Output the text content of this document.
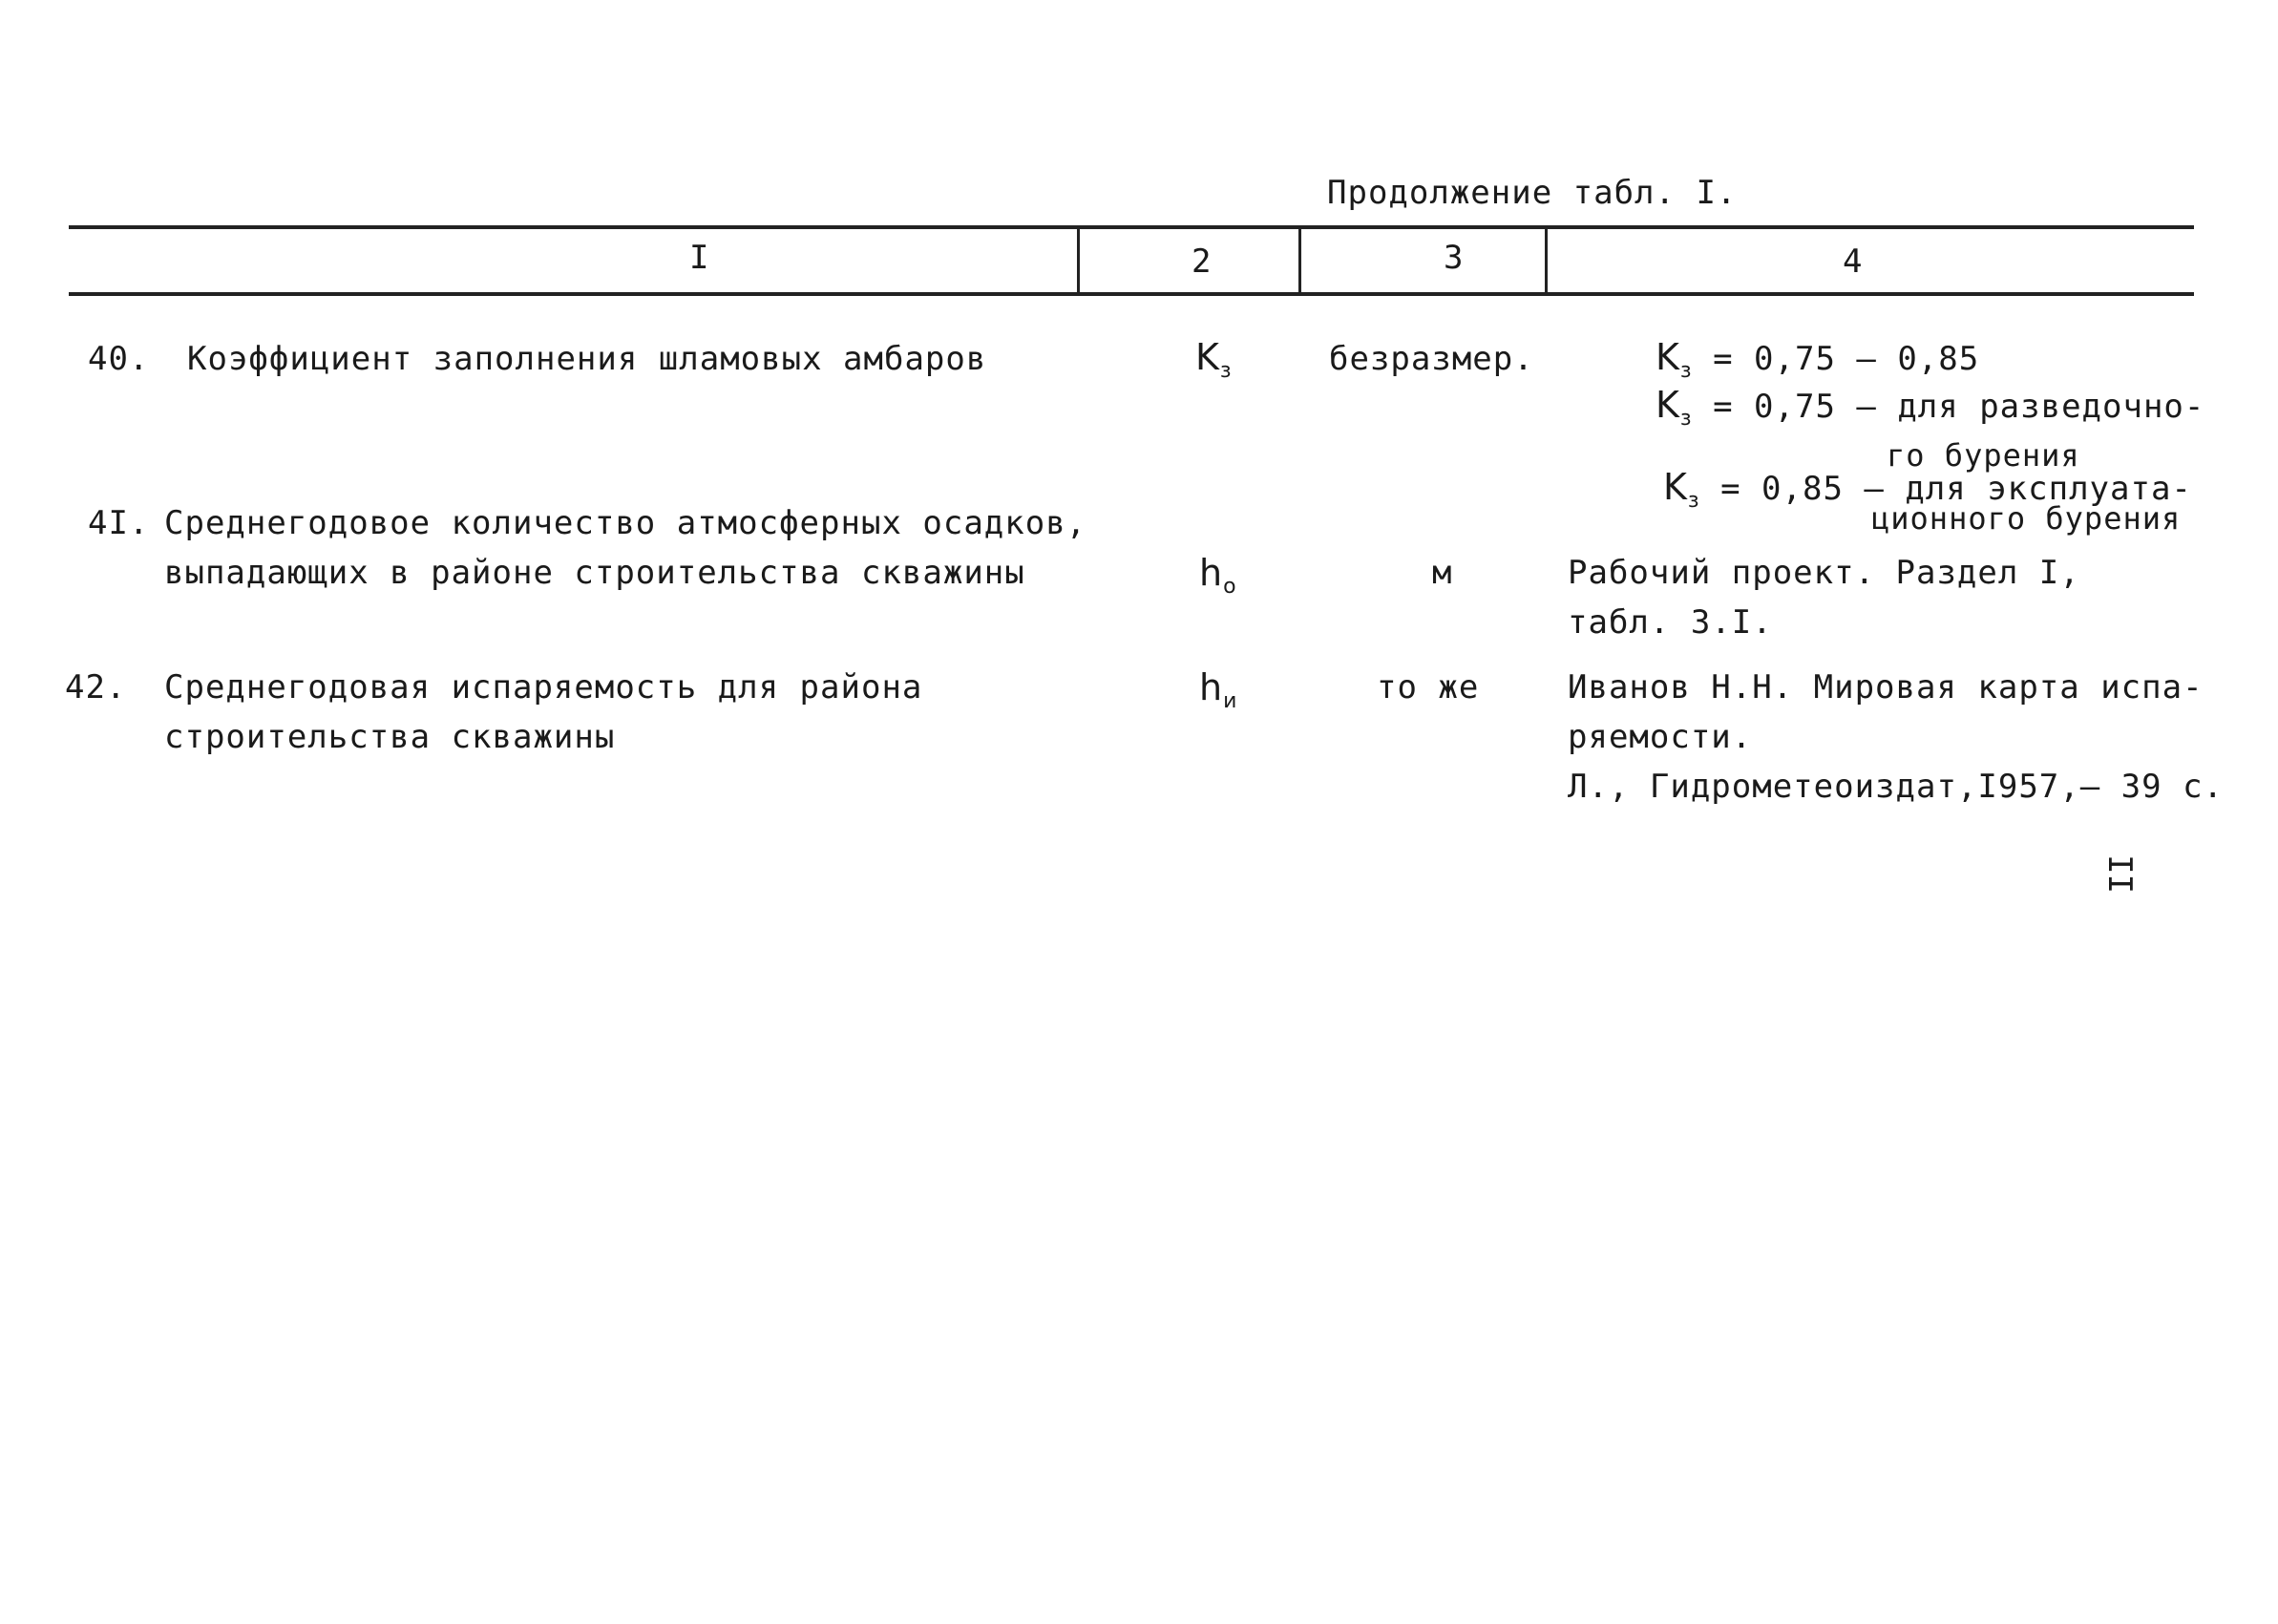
Продолжение табл. I.
I	2	3	4
40. Коэффициент заполнения шламовых амбаров	$K_з$	безразмер.	$K_з = 0,75 - 0,85$
$K_з = 0,75$ – для разведочно-
го бурения
$K_з = 0,85$ – для эксплуата-
ционного бурения
4I. Среднегодовое количество атмосферных осадков,
выпадающих в районе строительства скважины	$h_о$	м	Рабочий проект. Раздел I,
табл. 3.I.
42. Среднегодовая испаряемость для района
строительства скважины
$h_и$	то же	Иванов Н.Н. Мировая карта испа-
ряемости.
Л., Гидрометеоиздат,I957,– 39 с.
II
